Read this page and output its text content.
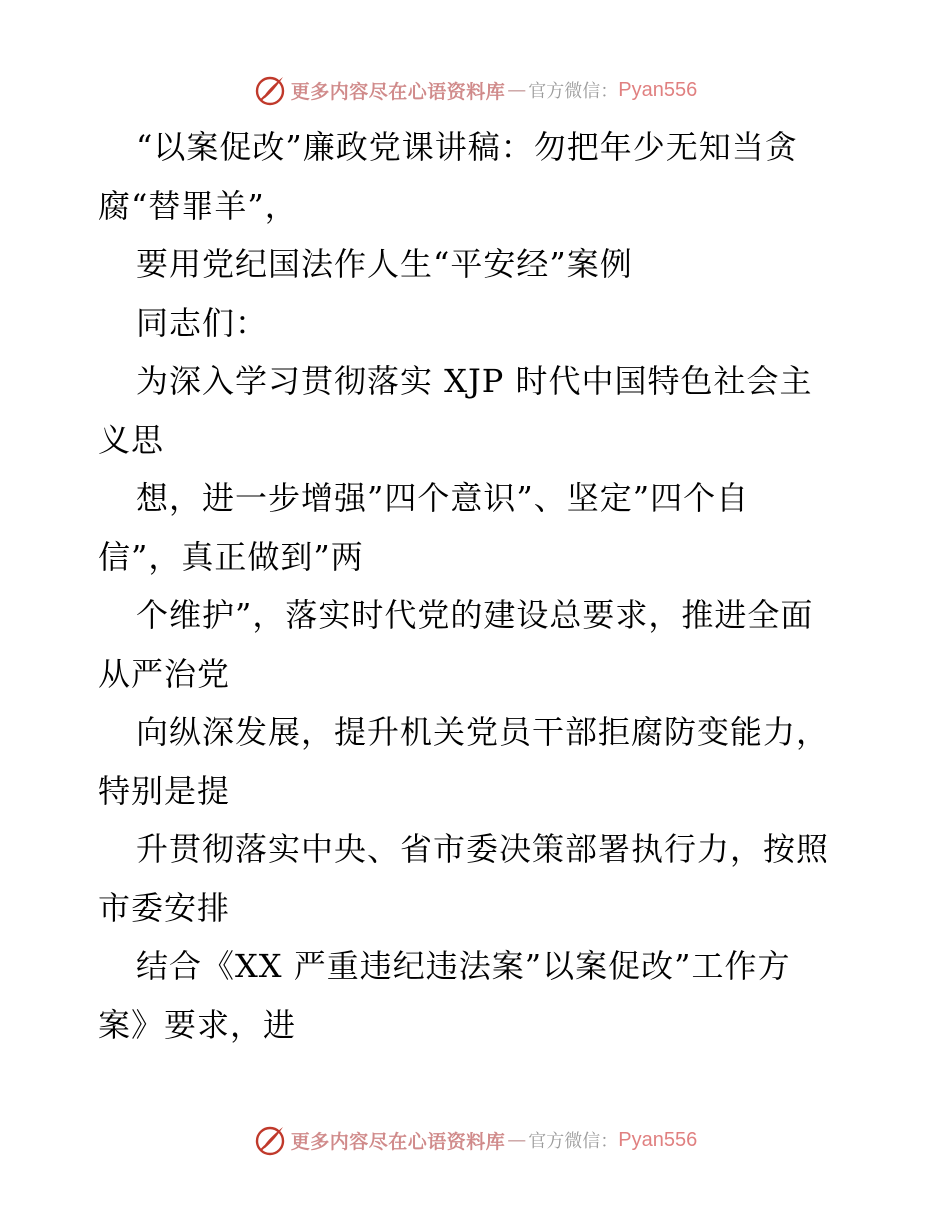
更多内容尽在心语资料库 — 官方微信： Pyan556
“以案促改”廉政党课讲稿：勿把年少无知当贪
腐“替罪羊”，
要用党纪国法作人生“平安经”案例
同志们：
为深入学习贯彻落实 XJP 时代中国特色社会主
义思
想，进一步增强”四个意识”、坚定”四个自
信”，真正做到”两
个维护”，落实时代党的建设总要求，推进全面
从严治党
向纵深发展，提升机关党员干部拒腐防变能力，
特别是提
升贯彻落实中央、省市委决策部署执行力，按照
市委安排
结合《XX 严重违纪违法案”以案促改”工作方
案》要求，进
更多内容尽在心语资料库 — 官方微信： Pyan556
